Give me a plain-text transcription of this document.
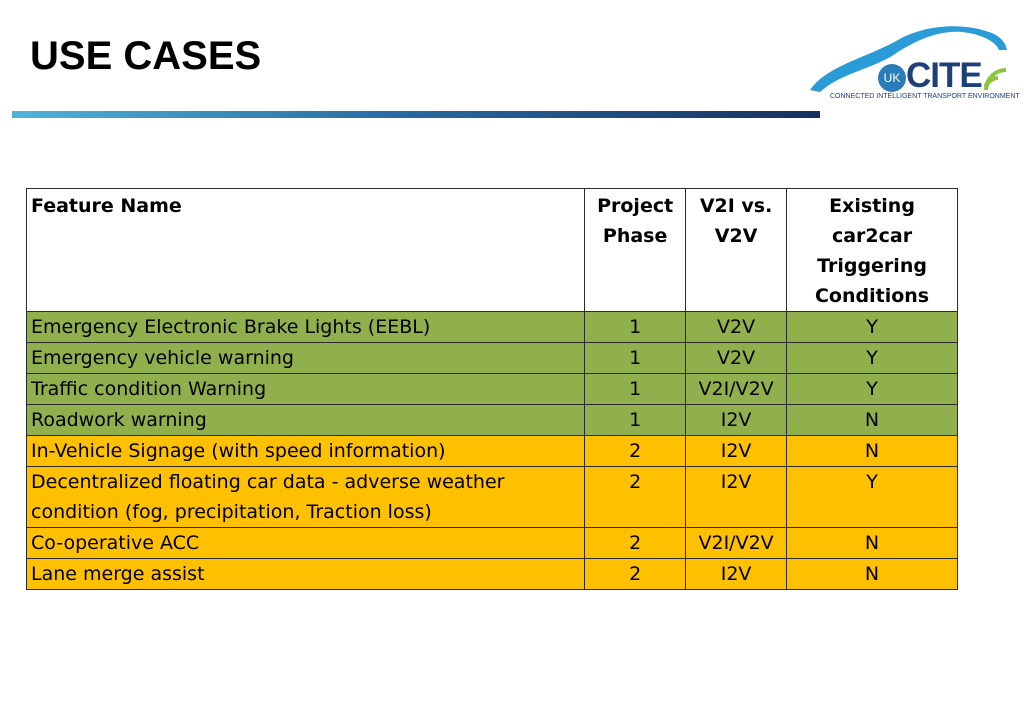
USE CASES	UK CITE
CONNECTED INTELLIGENT TRANSPORT ENVIRONMENT
Feature Name	Project Phase	V2I vs. V2V	Existing car2car Triggering Conditions
Emergency Electronic Brake Lights (EEBL)	1	V2V	Y
Emergency vehicle warning	1	V2V	Y
Traffic condition Warning	1	V2I/V2V	Y
Roadwork warning	1	I2V	N
In-Vehicle Signage (with speed information)	2	I2V	N
Decentralized floating car data - adverse weather condition (fog, precipitation, Traction loss)	2	I2V	Y
Co-operative ACC	2	V2I/V2V	N
Lane merge assist	2	I2V	N
